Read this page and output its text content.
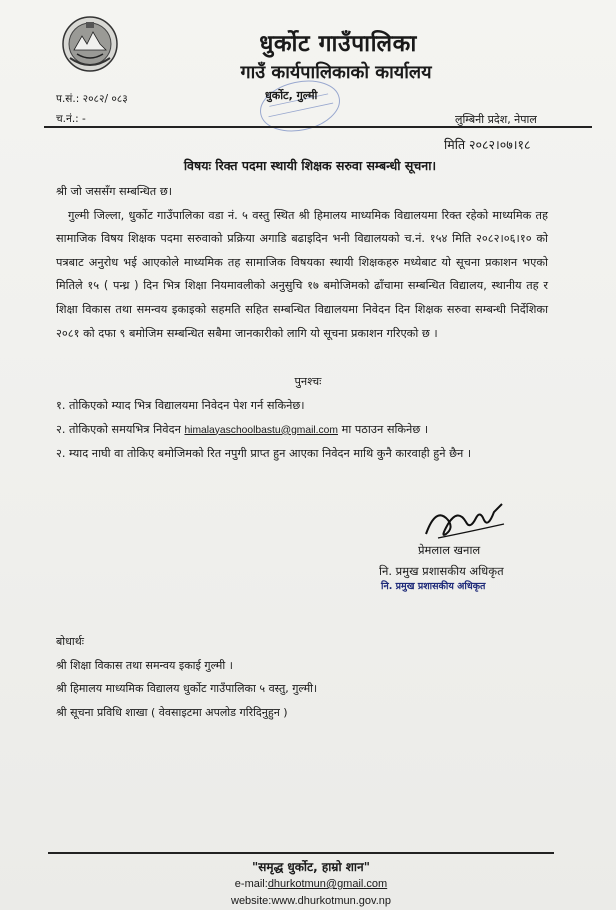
धुर्कोट गाउँपालिका
गाउँ कार्यपालिकाको कार्यालय
प.सं.: २०८२/ ०८३
च.नं.: -
धुर्कोट, गुल्मी
लुम्बिनी प्रदेश, नेपाल
मिति २०८२।०७।१८
विषयः रिक्त पदमा स्थायी शिक्षक सरुवा सम्बन्धी सूचना।

श्री जो जससँग सम्बन्धित छ।

गुल्मी जिल्ला, धुर्कोट गाउँपालिका वडा नं. ५ वस्तु स्थित श्री हिमालय माध्यमिक विद्यालयमा रिक्त रहेको माध्यमिक तह सामाजिक विषय शिक्षक पदमा सरुवाको प्रक्रिया अगाडि बढाइदिन भनी विद्यालयको च.नं. १५४ मिति २०८२।०६।१० को पत्रबाट अनुरोध भई आएकोले माध्यमिक तह सामाजिक विषयका स्थायी शिक्षकहरु मध्येबाट यो सूचना प्रकाशन भएको मितिले १५ ( पन्ध्र ) दिन भित्र शिक्षा नियमावलीको अनुसुचि १७ बमोजिमको ढाँचामा सम्बन्धित विद्यालय, स्थानीय तह र शिक्षा विकास तथा समन्वय इकाइको सहमति सहित सम्बन्धित विद्यालयमा निवेदन दिन शिक्षक सरुवा सम्बन्धी निर्देशिका २०८१ को दफा ९ बमोजिम सम्बन्धित सबैमा जानकारीको लागि यो सूचना प्रकाशन गरिएको छ ।

पुनश्चः
१. तोकिएको म्याद भित्र विद्यालयमा निवेदन पेश गर्न सकिनेछ।
२. तोकिएको समयभित्र निवेदन himalayaschoolbastu@gmail.com मा पठाउन सकिनेछ ।
२. म्याद नाघी वा तोकिए बमोजिमको रित नपुगी प्राप्त हुन आएका निवेदन माथि कुनै कारवाही हुने छैन ।
प्रेमलाल खनाल
नि. प्रमुख प्रशासकीय अधिकृत
नि. प्रमुख प्रशासकीय अधिकृत
बोधार्थः
श्री शिक्षा विकास तथा समन्वय इकाई गुल्मी ।
श्री हिमालय माध्यमिक विद्यालय धुर्कोट गाउँपालिका ५ वस्तु, गुल्मी।
श्री सूचना प्रविधि शाखा ( वेवसाइटमा अपलोड गरिदिनुहुन )
"समृद्ध धुर्कोट, हाम्रो शान"
e-mail:dhurkotmun@gmail.com
website:www.dhurkotmun.gov.np
